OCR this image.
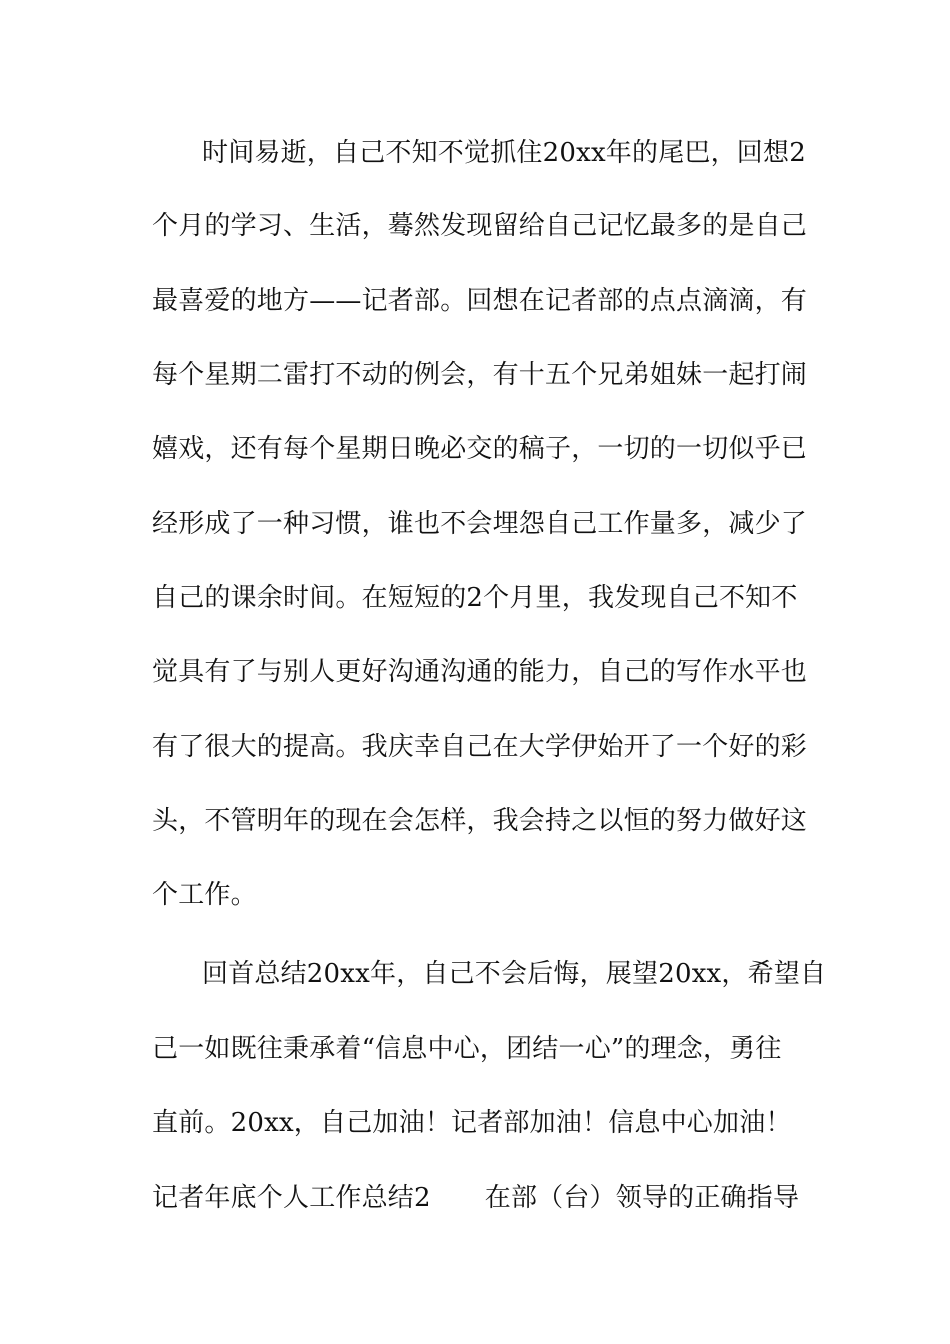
时间易逝，自己不知不觉抓住20xx年的尾巴，回想2
个月的学习、生活，蓦然发现留给自己记忆最多的是自己
最喜爱的地方——记者部。回想在记者部的点点滴滴，有
每个星期二雷打不动的例会，有十五个兄弟姐妹一起打闹
嬉戏，还有每个星期日晚必交的稿子，一切的一切似乎已
经形成了一种习惯，谁也不会埋怨自己工作量多，减少了
自己的课余时间。在短短的2个月里，我发现自己不知不
觉具有了与别人更好沟通沟通的能力，自己的写作水平也
有了很大的提高。我庆幸自己在大学伊始开了一个好的彩
头，不管明年的现在会怎样，我会持之以恒的努力做好这
个工作。
回首总结20xx年，自己不会后悔，展望20xx，希望自
己一如既往秉承着“信息中心，团结一心”的理念，勇往
直前。20xx，自己加油！记者部加油！信息中心加油！
记者年底个人工作总结2 在部（台）领导的正确指导
